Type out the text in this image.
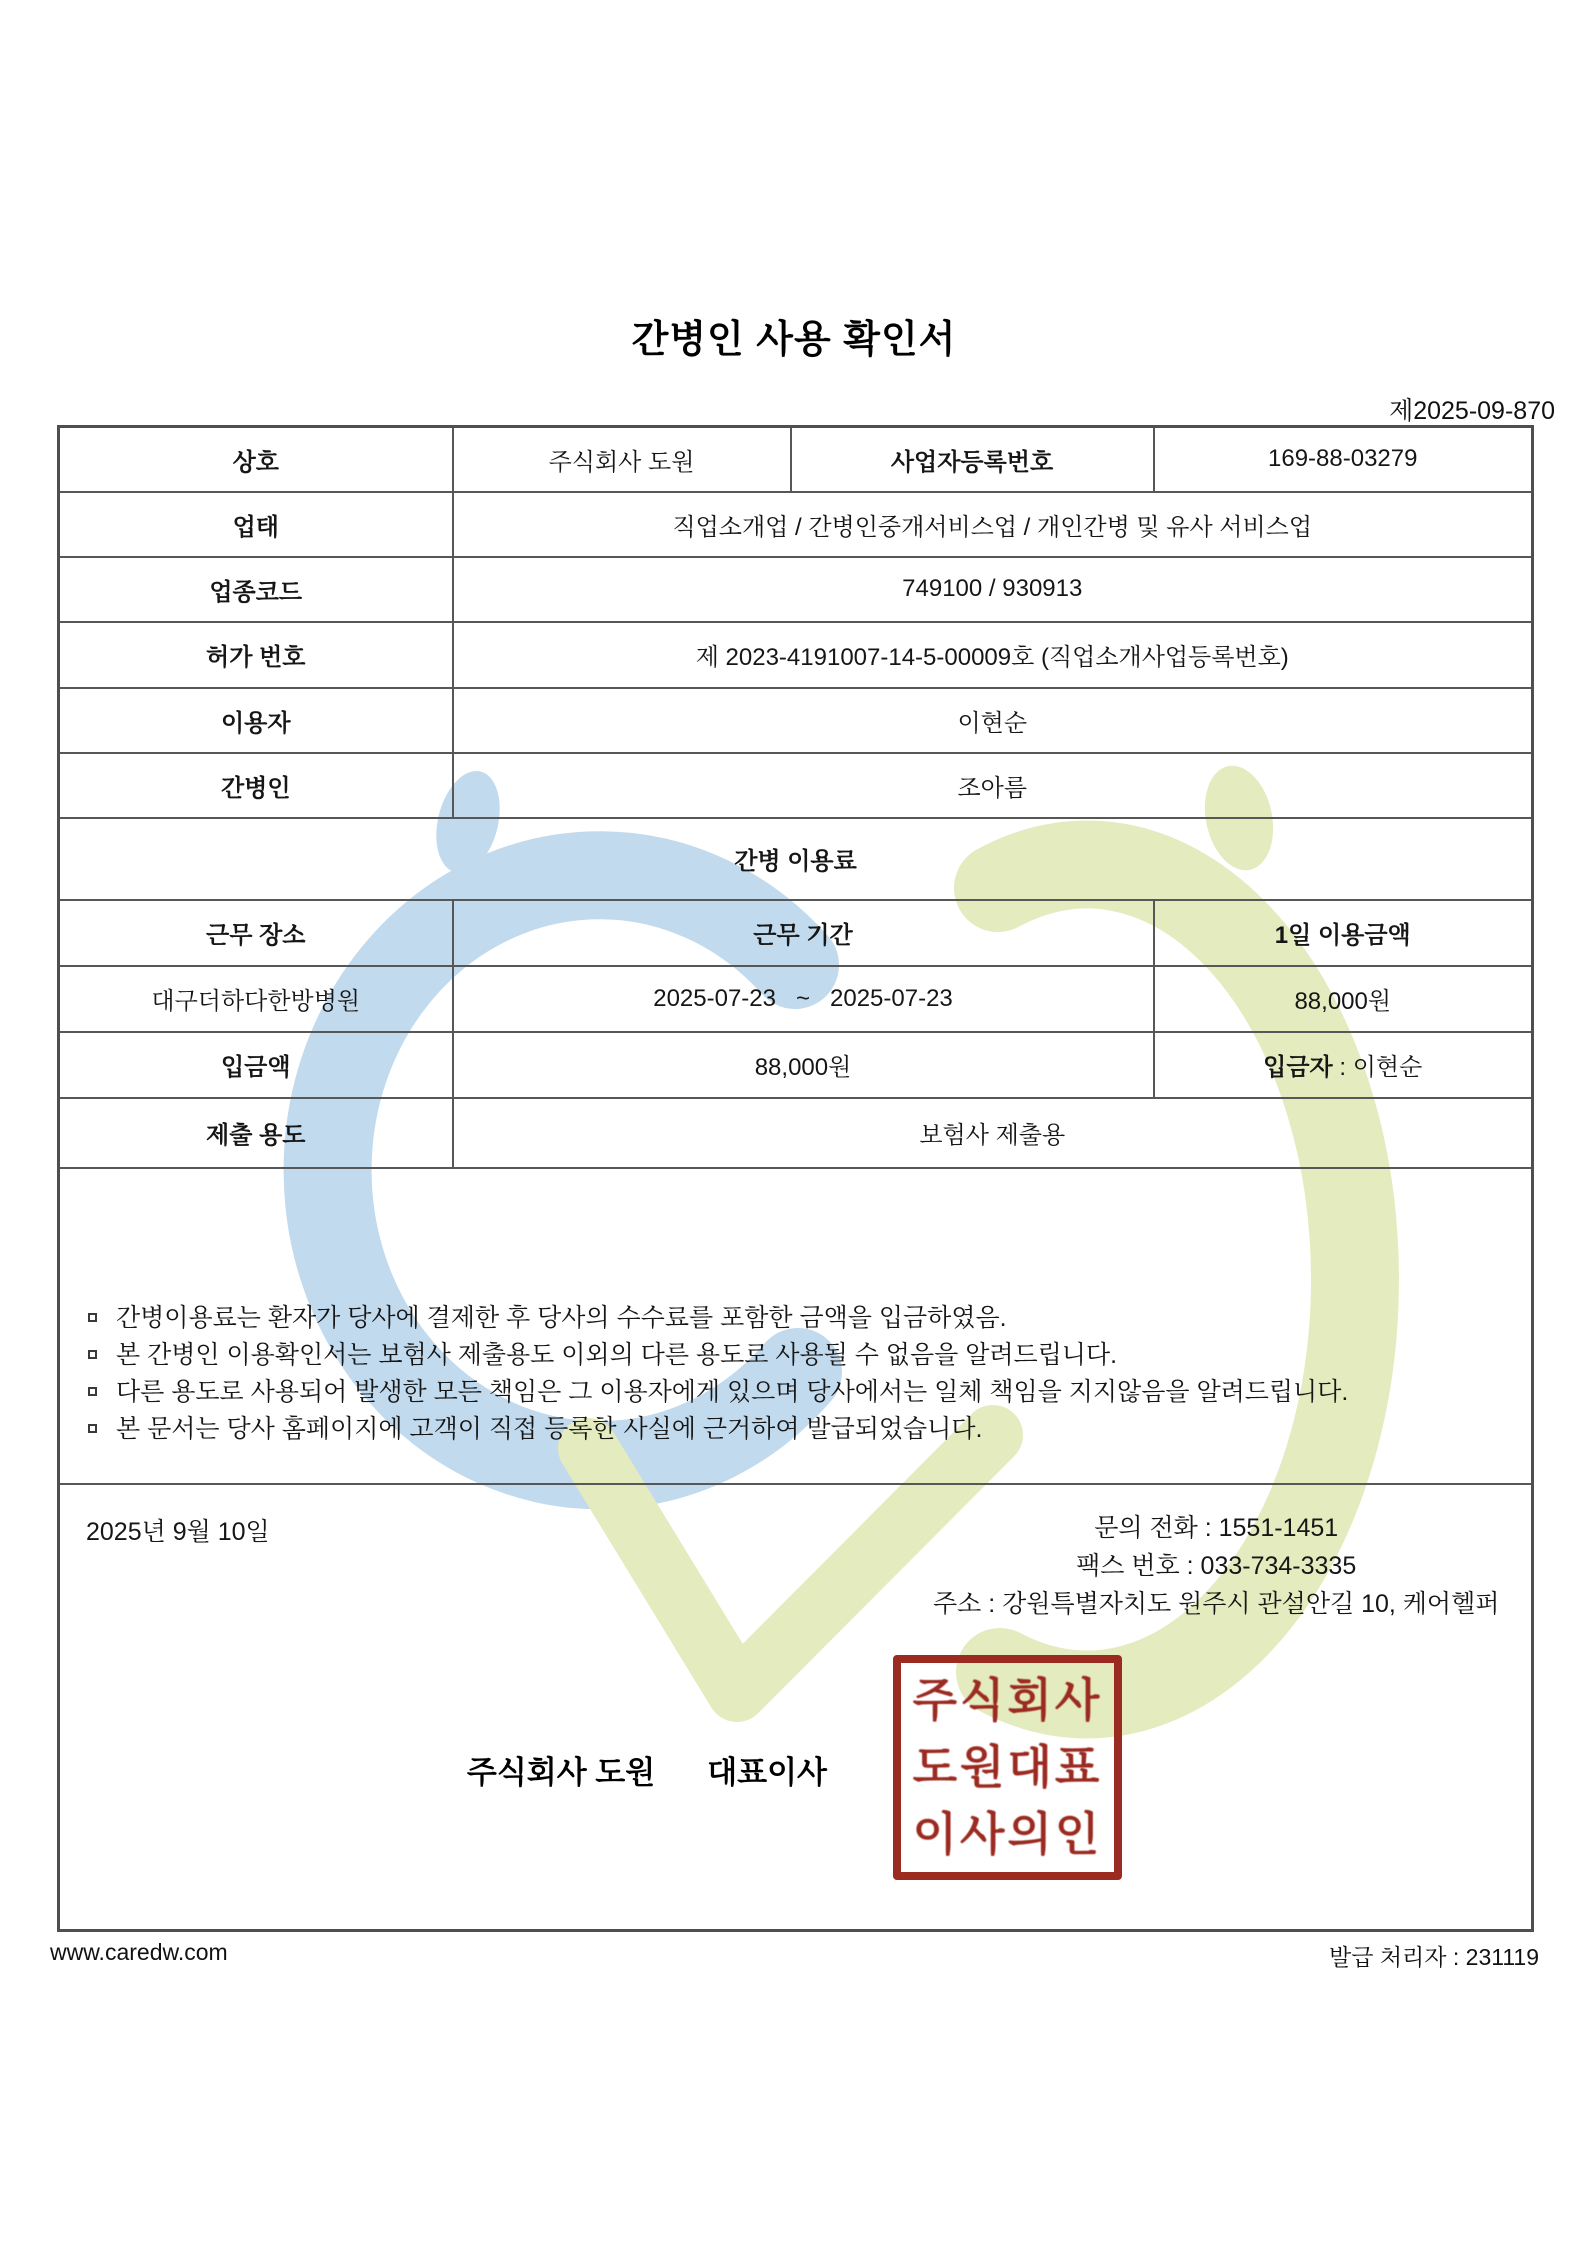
간병인 사용 확인서
제2025-09-870
상호	주식회사 도원	사업자등록번호	169-88-03279
업태	직업소개업 / 간병인중개서비스업 / 개인간병 및 유사 서비스업		
업종코드	749100 / 930913		
허가 번호	제 2023-4191007-14-5-00009호 (직업소개사업등록번호)		
이용자	이현순		
간병인	조아름		
간병 이용료			
근무 장소	근무 기간		1일 이용금액
대구더하다한방병원	2025-07-23   ~   2025-07-23		88,000원
입금액	88,000원		입금자 : 이현순
제출 용도	보험사 제출용		

간병이용료는 환자가 당사에 결제한 후 당사의 수수료를 포함한 금액을 입금하였음.
본 간병인 이용확인서는 보험사 제출용도 이외의 다른 용도로 사용될 수 없음을 알려드립니다.
다른 용도로 사용되어 발생한 모든 책임은 그 이용자에게 있으며 당사에서는 일체 책임을 지지않음을 알려드립니다.
본 문서는 당사 홈페이지에 고객이 직접 등록한 사실에 근거하여 발급되었습니다.			

2025년 9월 10일	문의 전화 : 1551-1451
팩스 번호 : 033-734-3335
주소 : 강원특별자치도 원주시 관설안길 10, 케어헬퍼
주식회사 도원 대표이사
주식회사
도원대표
이사의인
www.caredw.com	발급 처리자 : 231119
